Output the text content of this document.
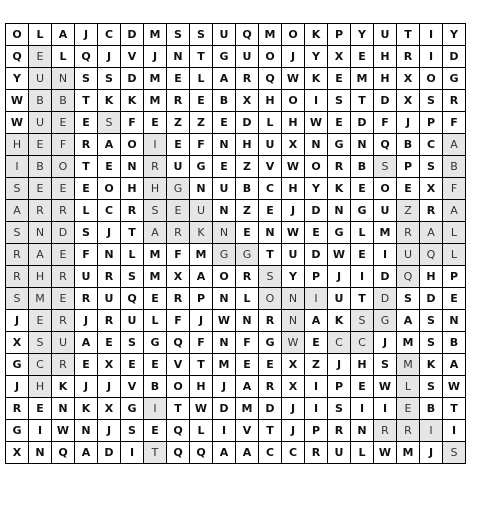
O	L	A	J	C	D	M	S	S	U	Q	M	O	K	P	Y	U	T	I	Y
Q	E	L	Q	J	V	J	N	T	G	U	O	J	Y	X	E	H	R	I	D
Y	U	N	S	S	D	M	E	L	A	R	Q	W	K	E	M	H	X	O	G
W	B	B	T	K	K	M	R	E	B	X	H	O	I	S	T	D	X	S	R
W	U	E	E	S	F	E	Z	Z	E	D	L	H	W	E	D	F	J	P	F
H	E	F	R	A	O	I	E	F	N	H	U	X	N	G	N	Q	B	C	A
I	B	O	T	E	N	R	U	G	E	Z	V	W	O	R	B	S	P	S	B
S	E	E	E	O	H	H	G	N	U	B	C	H	Y	K	E	O	E	X	F
A	R	R	L	C	R	S	E	U	N	Z	E	J	D	N	G	U	Z	R	A
S	N	D	S	J	T	A	R	K	N	E	N	W	E	G	L	M	R	A	L
R	A	E	F	N	L	M	F	M	G	G	T	U	D	W	E	I	U	Q	L
R	H	R	U	R	S	M	X	A	O	R	S	Y	P	J	I	D	Q	H	P
S	M	E	R	U	Q	E	R	P	N	L	O	N	I	U	T	D	S	D	E
J	E	R	J	R	U	L	F	J	W	N	R	N	A	K	S	G	A	S	N
X	S	U	A	E	S	G	Q	F	N	F	G	W	E	C	C	J	M	S	B
G	C	R	E	X	E	E	V	T	M	E	E	X	Z	J	H	S	M	K	A
J	H	K	J	J	V	B	O	H	J	A	R	X	I	P	E	W	L	S	W
R	E	N	K	X	G	I	T	W	D	M	D	J	I	S	I	I	E	B	T
G	I	W	N	J	S	E	Q	L	I	V	T	J	P	R	N	R	R	I	I
X	N	Q	A	D	I	T	Q	Q	A	A	C	C	R	U	L	W	M	J	S
